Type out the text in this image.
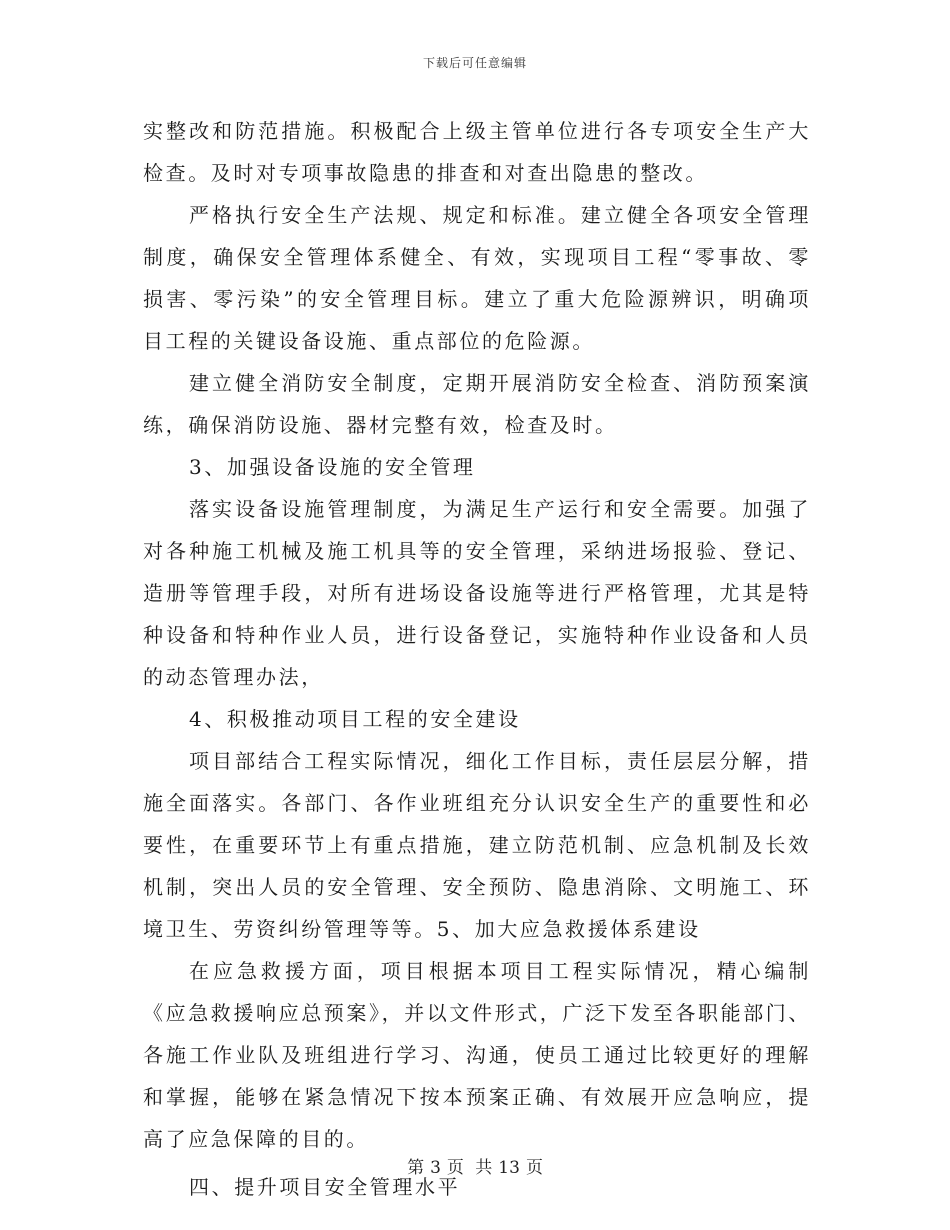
下载后可任意编辑

实整改和防范措施。积极配合上级主管单位进行各专项安全生产大检查。及时对专项事故隐患的排查和对查出隐患的整改。

严格执行安全生产法规、规定和标准。建立健全各项安全管理制度，确保安全管理体系健全、有效，实现项目工程“零事故、零损害、零污染”的安全管理目标。建立了重大危险源辨识，明确项目工程的关键设备设施、重点部位的危险源。

建立健全消防安全制度，定期开展消防安全检查、消防预案演练，确保消防设施、器材完整有效，检查及时。

3、加强设备设施的安全管理

落实设备设施管理制度，为满足生产运行和安全需要。加强了对各种施工机械及施工机具等的安全管理，采纳进场报验、登记、造册等管理手段，对所有进场设备设施等进行严格管理，尤其是特种设备和特种作业人员，进行设备登记，实施特种作业设备和人员的动态管理办法，

4、积极推动项目工程的安全建设

项目部结合工程实际情况，细化工作目标，责任层层分解，措施全面落实。各部门、各作业班组充分认识安全生产的重要性和必要性，在重要环节上有重点措施，建立防范机制、应急机制及长效机制，突出人员的安全管理、安全预防、隐患消除、文明施工、环境卫生、劳资纠纷管理等等。5、加大应急救援体系建设

在应急救援方面，项目根据本项目工程实际情况，精心编制《应急救援响应总预案》，并以文件形式，广泛下发至各职能部门、各施工作业队及班组进行学习、沟通，使员工通过比较更好的理解和掌握，能够在紧急情况下按本预案正确、有效展开应急响应，提高了应急保障的目的。

四、提升项目安全管理水平

第 3 页 共 13 页
